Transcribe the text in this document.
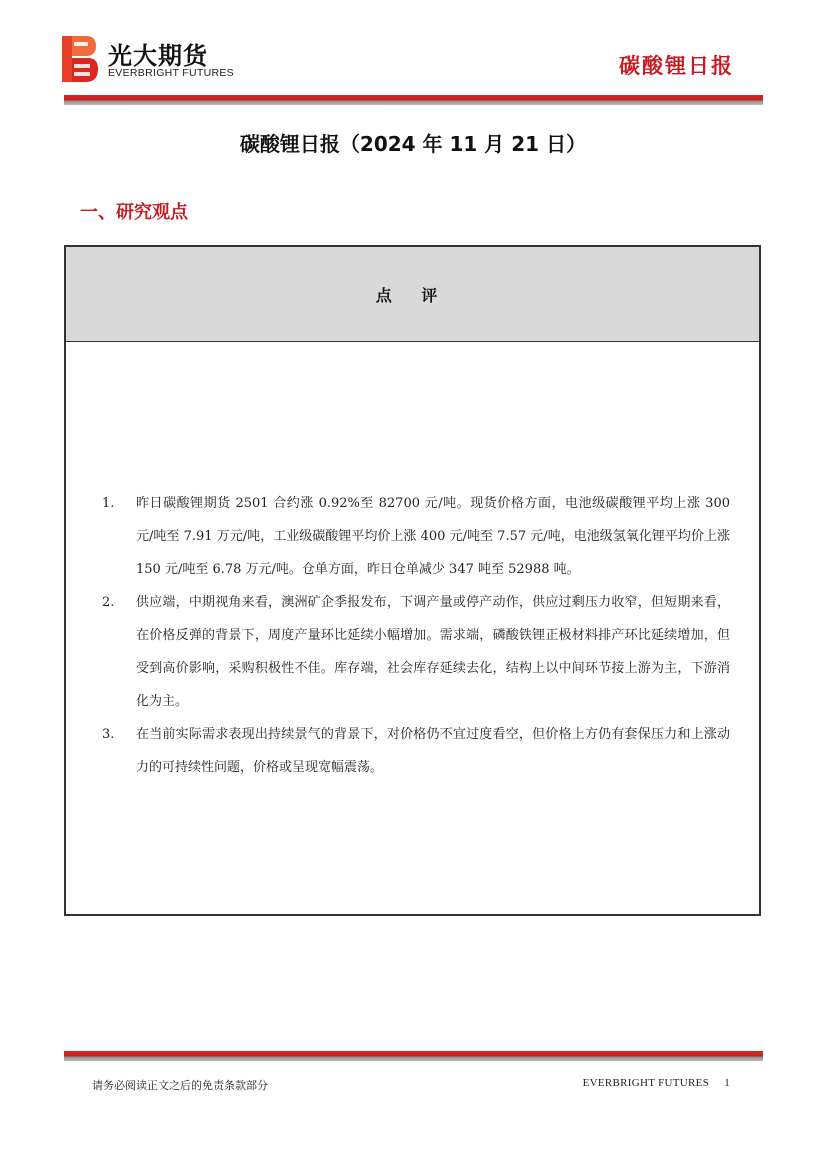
光大期货
EVERBRIGHT FUTURES	碳酸锂日报
碳酸锂日报（2024 年 11 月 21 日）
一、研究观点
点 评
1. 昨日碳酸锂期货 2501 合约涨 0.92%至 82700 元/吨。现货价格方面，电池级碳酸锂平均上涨 300 元/吨至 7.91 万元/吨，工业级碳酸锂平均价上涨 400 元/吨至 7.57 元/吨，电池级氢氧化锂平均价上涨 150 元/吨至 6.78 万元/吨。仓单方面，昨日仓单减少 347 吨至 52988 吨。
2. 供应端，中期视角来看，澳洲矿企季报发布，下调产量或停产动作，供应过剩压力收窄，但短期来看，在价格反弹的背景下，周度产量环比延续小幅增加。需求端，磷酸铁锂正极材料排产环比延续增加，但受到高价影响，采购积极性不佳。库存端，社会库存延续去化，结构上以中间环节接上游为主，下游消化为主。
3. 在当前实际需求表现出持续景气的背景下，对价格仍不宜过度看空，但价格上方仍有套保压力和上涨动力的可持续性问题，价格或呈现宽幅震荡。
请务必阅读正文之后的免责条款部分	EVERBRIGHT FUTURES 1
